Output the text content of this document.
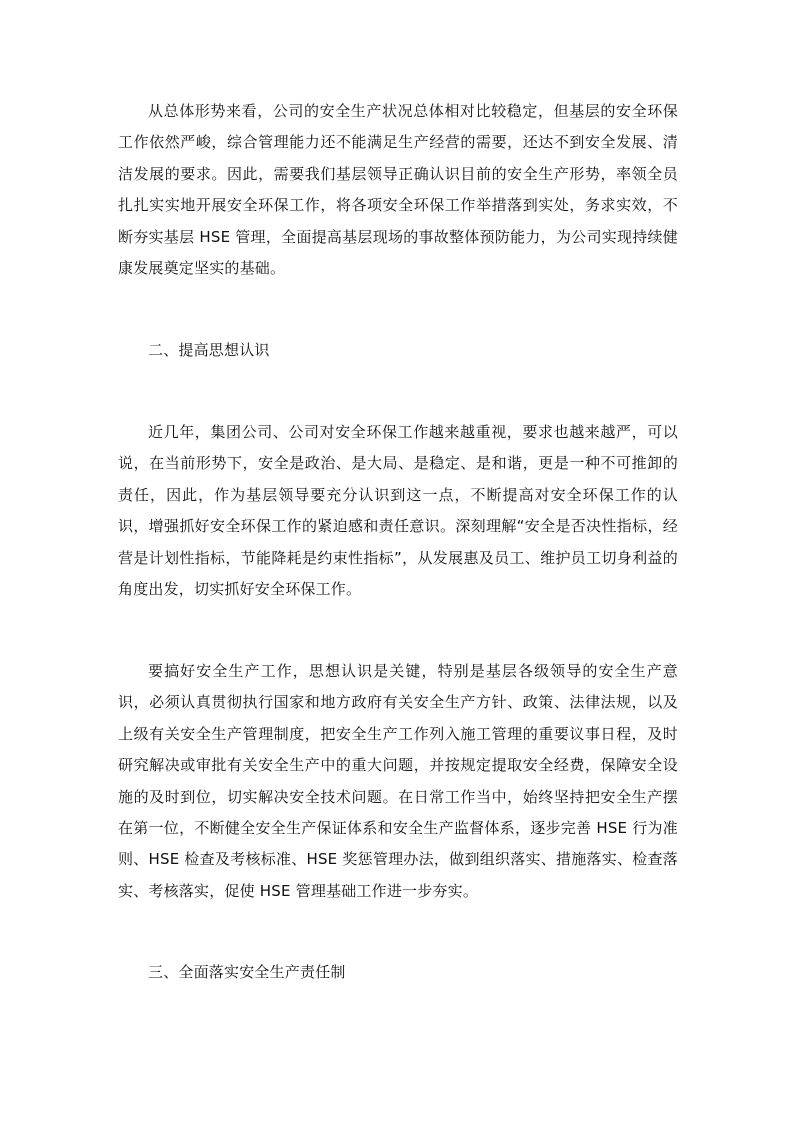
从总体形势来看，公司的安全生产状况总体相对比较稳定，但基层的安全环保工作依然严峻，综合管理能力还不能满足生产经营的需要，还达不到安全发展、清洁发展的要求。因此，需要我们基层领导正确认识目前的安全生产形势，率领全员扎扎实实地开展安全环保工作，将各项安全环保工作举措落到实处，务求实效，不断夯实基层 HSE 管理，全面提高基层现场的事故整体预防能力，为公司实现持续健康发展奠定坚实的基础。

二、提高思想认识

近几年，集团公司、公司对安全环保工作越来越重视，要求也越来越严，可以说，在当前形势下，安全是政治、是大局、是稳定、是和谐，更是一种不可推卸的责任，因此，作为基层领导要充分认识到这一点，不断提高对安全环保工作的认识，增强抓好安全环保工作的紧迫感和责任意识。深刻理解“安全是否决性指标，经营是计划性指标，节能降耗是约束性指标”，从发展惠及员工、维护员工切身利益的角度出发，切实抓好安全环保工作。

要搞好安全生产工作，思想认识是关键，特别是基层各级领导的安全生产意识，必须认真贯彻执行国家和地方政府有关安全生产方针、政策、法律法规，以及上级有关安全生产管理制度，把安全生产工作列入施工管理的重要议事日程，及时研究解决或审批有关安全生产中的重大问题，并按规定提取安全经费，保障安全设施的及时到位，切实解决安全技术问题。在日常工作当中，始终坚持把安全生产摆在第一位，不断健全安全生产保证体系和安全生产监督体系，逐步完善 HSE 行为准则、HSE 检查及考核标准、HSE 奖惩管理办法，做到组织落实、措施落实、检查落实、考核落实，促使 HSE 管理基础工作进一步夯实。

三、全面落实安全生产责任制
